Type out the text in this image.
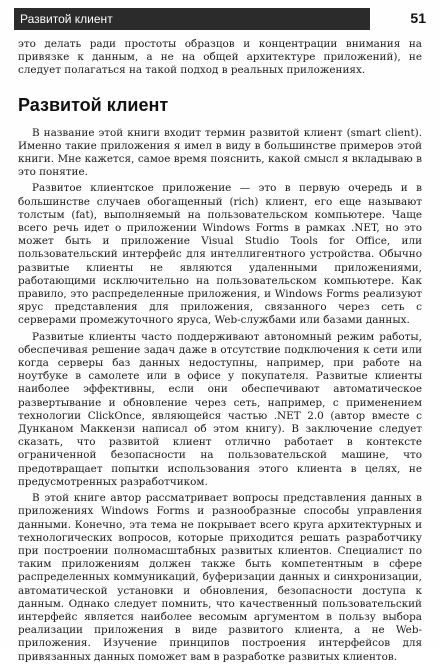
Развитой клиент	51

это делать ради простоты образцов и концентрации внимания на привязке к данным, а не на общей архитектуре приложений), не следует полагаться на такой подход в реальных приложениях.

Развитой клиент

В название этой книги входит термин развитой клиент (smart client). Именно такие приложения я имел в виду в большинстве примеров этой книги. Мне кажется, самое время пояснить, какой смысл я вкладываю в это понятие.

Развитое клиентское приложение — это в первую очередь и в большинстве случаев обогащенный (rich) клиент, его еще называют толстым (fat), выполняемый на пользовательском компьютере. Чаще всего речь идет о приложении Windows Forms в рамках .NET, но это может быть и приложение Visual Studio Tools for Office, или пользовательский интерфейс для интеллигентного устройства. Обычно развитые клиенты не являются удаленными приложениями, работающими исключительно на пользовательском компьютере. Как правило, это распределенные приложения, и Windows Forms реализуют ярус представления для приложения, связанного через сеть с серверами промежуточного яруса, Web-службами или базами данных.

Развитые клиенты часто поддерживают автономный режим работы, обеспечивая решение задач даже в отсутствие подключения к сети или когда серверы баз данных недоступны, например, при работе на ноутбуке в самолете или в офисе у покупателя. Развитые клиенты наиболее эффективны, если они обеспечивают автоматическое развертывание и обновление через сеть, например, с применением технологии ClickOnce, являющейся частью .NET 2.0 (автор вместе с Дунканом Маккензи написал об этом книгу). В заключение следует сказать, что развитой клиент отлично работает в контексте ограниченной безопасности на пользовательской машине, что предотвращает попытки использования этого клиента в целях, не предусмотренных разработчиком.

В этой книге автор рассматривает вопросы представления данных в приложениях Windows Forms и разнообразные способы управления данными. Конечно, эта тема не покрывает всего круга архитектурных и технологических вопросов, которые приходится решать разработчику при построении полномасштабных развитых клиентов. Специалист по таким приложениям должен также быть компетентным в сфере распределенных коммуникаций, буферизации данных и синхронизации, автоматической установки и обновления, безопасности доступа к данным. Однако следует помнить, что качественный пользовательский интерфейс является наиболее весомым аргументом в пользу выбора реализации приложения в виде развитого клиента, а не Web-приложения. Изучение принципов построения интерфейсов для привязанных данных поможет вам в разработке развитых клиентов.
